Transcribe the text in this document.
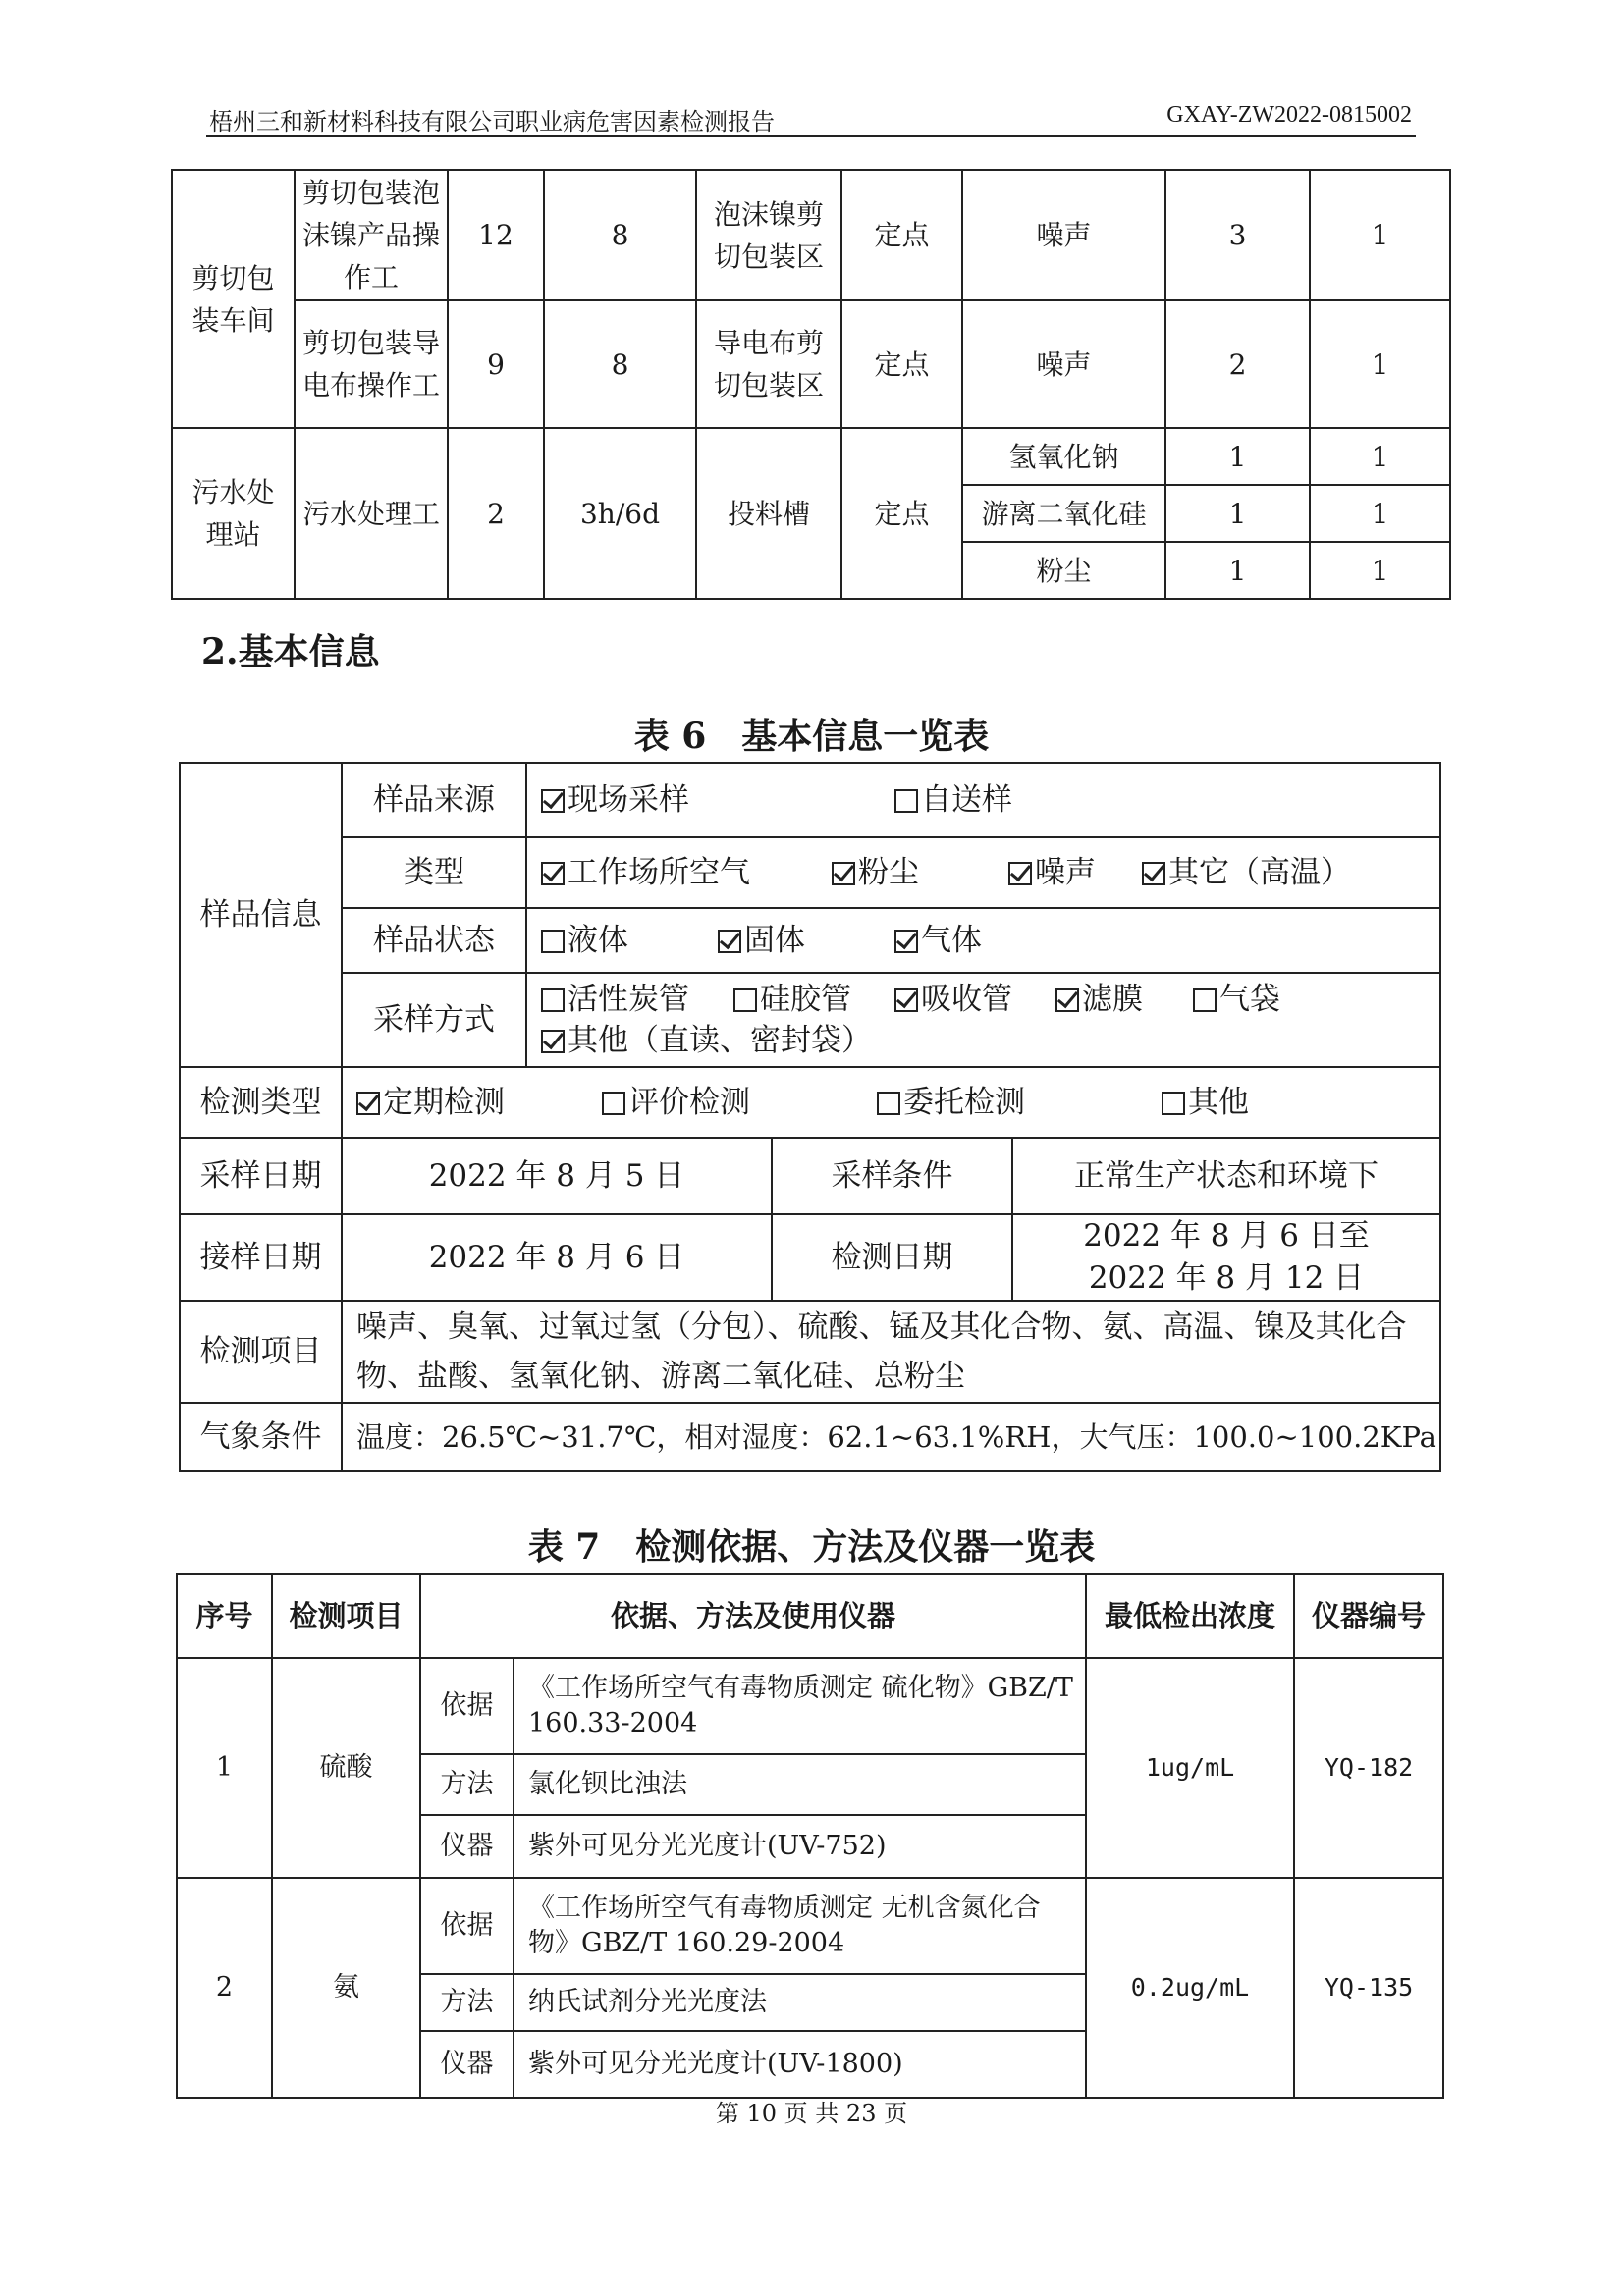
梧州三和新材料科技有限公司职业病危害因素检测报告	GXAY-ZW2022-0815002
剪切包装车间	剪切包装泡沫镍产品操作工	12	8	泡沫镍剪切包装区	定点	噪声	3	1
	剪切包装导电布操作工	9	8	导电布剪切包装区	定点	噪声	2	1
污水处理站	污水处理工	2	3h/6d	投料槽	定点	氢氧化钠	1	1
						游离二氧化硅	1	1
						粉尘	1	1
2.基本信息
表 6　基本信息一览表
样品信息	样品来源	现场采样 自送样		
	类型	工作场所空气 粉尘 噪声 其它（高温）		
	样品状态	液体 固体 气体		
	采样方式	活性炭管 硅胶管 吸收管 滤膜 气袋
其他（直读、密封袋）		
检测类型	定期检测 评价检测 委托检测 其他			
采样日期	2022 年 8 月 5 日		采样条件	正常生产状态和环境下
接样日期	2022 年 8 月 6 日		检测日期	2022 年 8 月 6 日至
2022 年 8 月 12 日
检测项目	噪声、臭氧、过氧过氢（分包）、硫酸、锰及其化合物、氨、高温、镍及其化合物、盐酸、氢氧化钠、游离二氧化硅、总粉尘			
气象条件	温度：26.5℃~31.7℃，相对湿度：62.1~63.1%RH，大气压：100.0~100.2KPa			
表 7　检测依据、方法及仪器一览表
序号	检测项目	依据、方法及使用仪器		最低检出浓度	仪器编号
1	硫酸	依据	《工作场所空气有毒物质测定 硫化物》GBZ/T 160.33-2004	1ug/mL	YQ-182
		方法	氯化钡比浊法		
		仪器	紫外可见分光光度计(UV-752)		
2	氨	依据	《工作场所空气有毒物质测定 无机含氮化合物》GBZ/T 160.29-2004	0.2ug/mL	YQ-135
		方法	纳氏试剂分光光度法		
		仪器	紫外可见分光光度计(UV-1800)		
第 10 页 共 23 页
